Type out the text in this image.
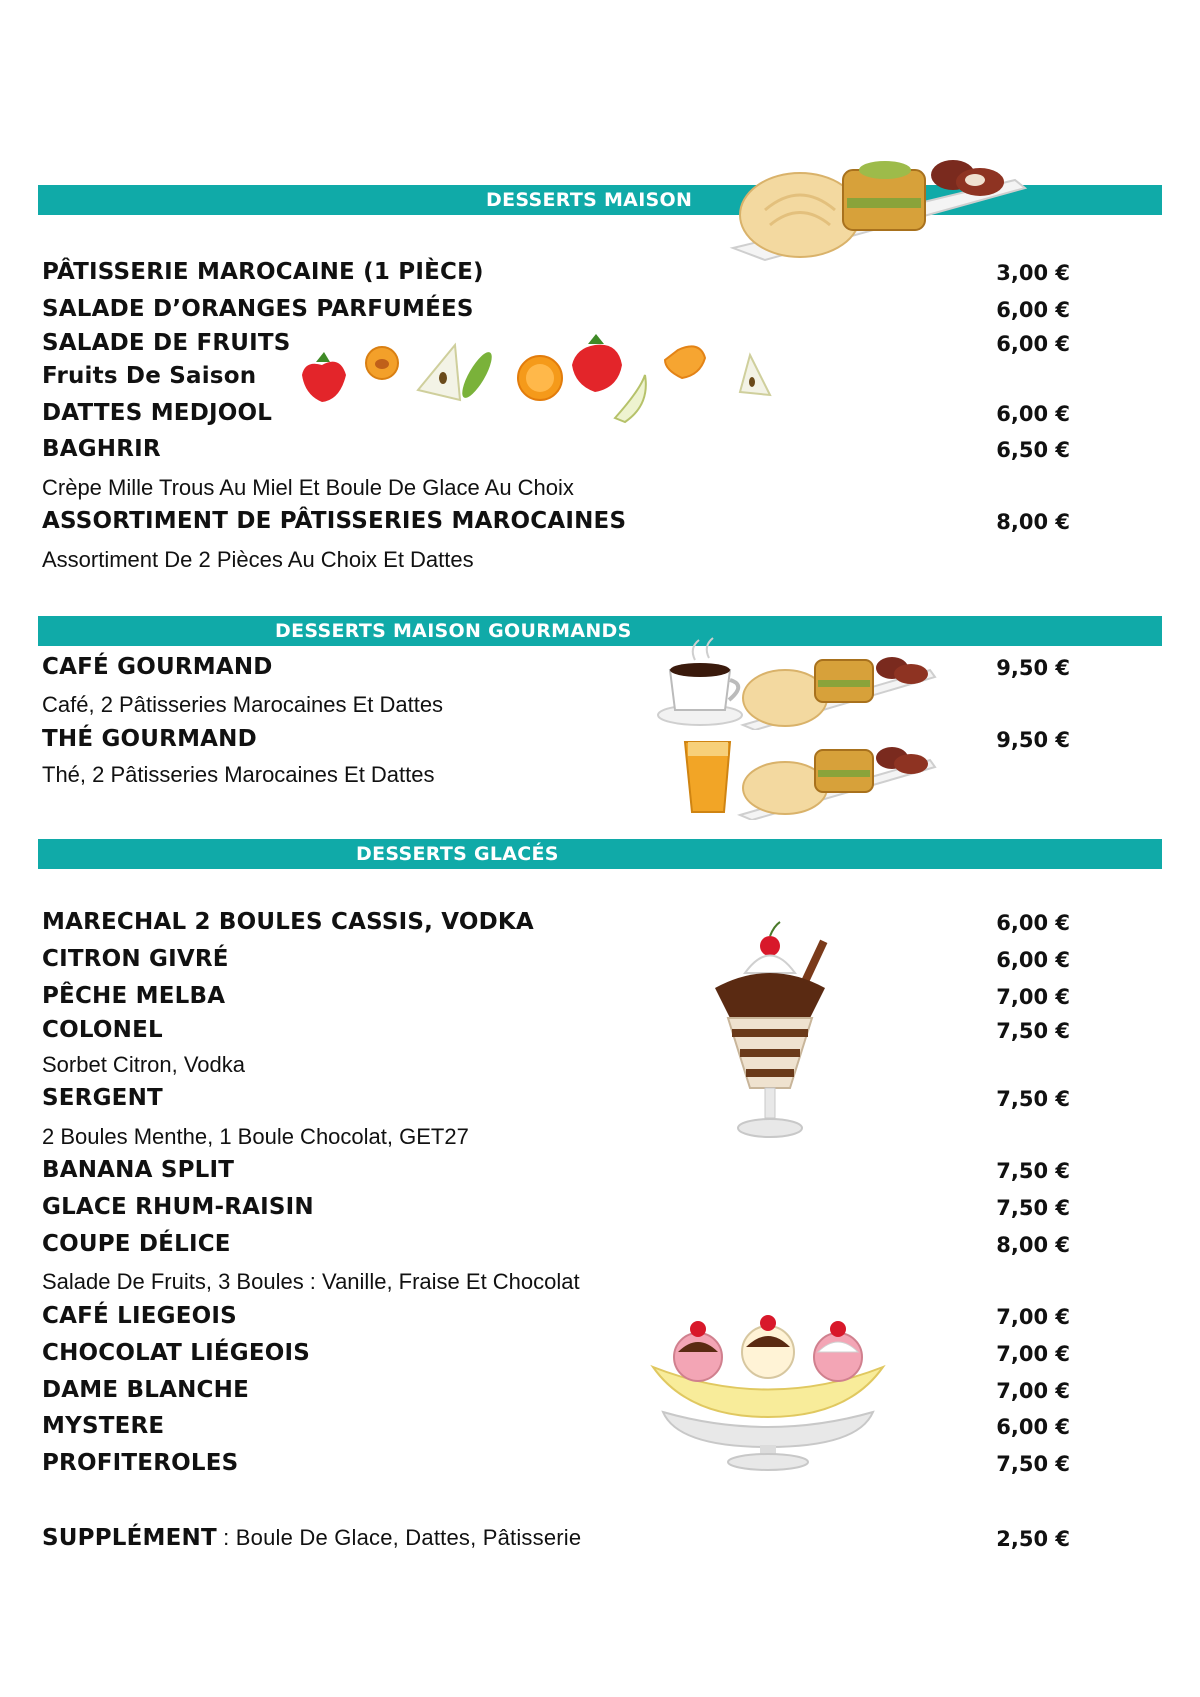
DESSERTS MAISON
PÂTISSERIE MAROCAINE (1 PIÈCE)	3,00 €
SALADE D’ORANGES PARFUMÉES	6,00 €
SALADE DE FRUITS	6,00 €
Fruits De Saison
DATTES MEDJOOL	6,00 €
BAGHRIR	6,50 €
Crèpe Mille Trous Au Miel Et Boule De Glace Au Choix
ASSORTIMENT DE PÂTISSERIES MAROCAINES	8,00 €
Assortiment De 2 Pièces Au Choix Et Dattes
DESSERTS MAISON GOURMANDS
CAFÉ GOURMAND	9,50 €
Café, 2 Pâtisseries Marocaines Et Dattes
THÉ GOURMAND	9,50 €
Thé, 2 Pâtisseries Marocaines Et Dattes
DESSERTS GLACÉS
MARECHAL 2 BOULES CASSIS, VODKA	6,00 €
CITRON GIVRÉ	6,00 €
PÊCHE MELBA	7,00 €
COLONEL	7,50 €
Sorbet Citron, Vodka
SERGENT	7,50 €
2 Boules Menthe, 1 Boule Chocolat, GET27
BANANA SPLIT	7,50 €
GLACE RHUM-RAISIN	7,50 €
COUPE DÉLICE	8,00 €
Salade De Fruits, 3 Boules : Vanille, Fraise Et Chocolat
CAFÉ LIEGEOIS	7,00 €
CHOCOLAT LIÉGEOIS	7,00 €
DAME BLANCHE	7,00 €
MYSTERE	6,00 €
PROFITEROLES	7,50 €
SUPPLÉMENT : Boule De Glace, Dattes, Pâtisserie	2,50 €
